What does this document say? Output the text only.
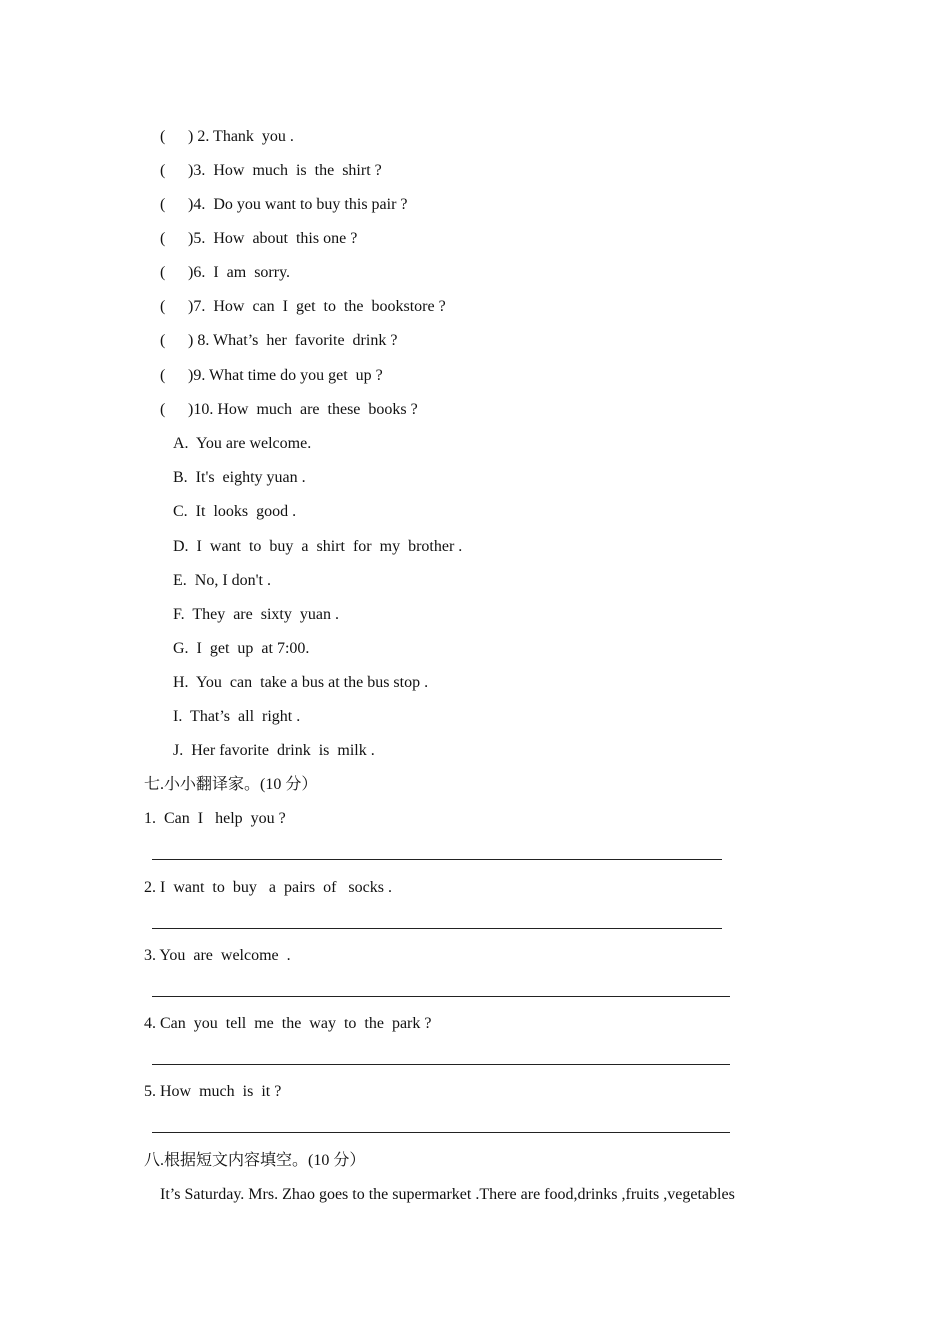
( ) 2. Thank  you .
( )3.  How  much  is  the  shirt ?
( )4.  Do you want to buy this pair ?
( )5.  How  about  this one ?
( )6.  I  am  sorry.
( )7.  How  can  I  get  to  the  bookstore ?
( ) 8. What’s  her  favorite  drink ?
( )9. What time do you get  up ?
( )10. How  much  are  these  books ?
A.  You are welcome.
B.  It's  eighty yuan .
C.  It  looks  good .
D.  I  want  to  buy  a  shirt  for  my  brother .
E.  No, I don't .
F.  They  are  sixty  yuan .
G.  I  get  up  at 7:00.
H.  You  can  take a bus at the bus stop .
I.  That’s  all  right .
J.  Her favorite  drink  is  milk .
七.小小翻译家。(10 分）
1.  Can  I   help  you ?
2. I  want  to  buy   a  pairs  of   socks .
3. You  are  welcome  .
4. Can  you  tell  me  the  way  to  the  park ?
5. How  much  is  it ?
八.根据短文内容填空。(10 分）
It’s Saturday. Mrs. Zhao goes to the supermarket .There are food,drinks ,fruits ,vegetables
